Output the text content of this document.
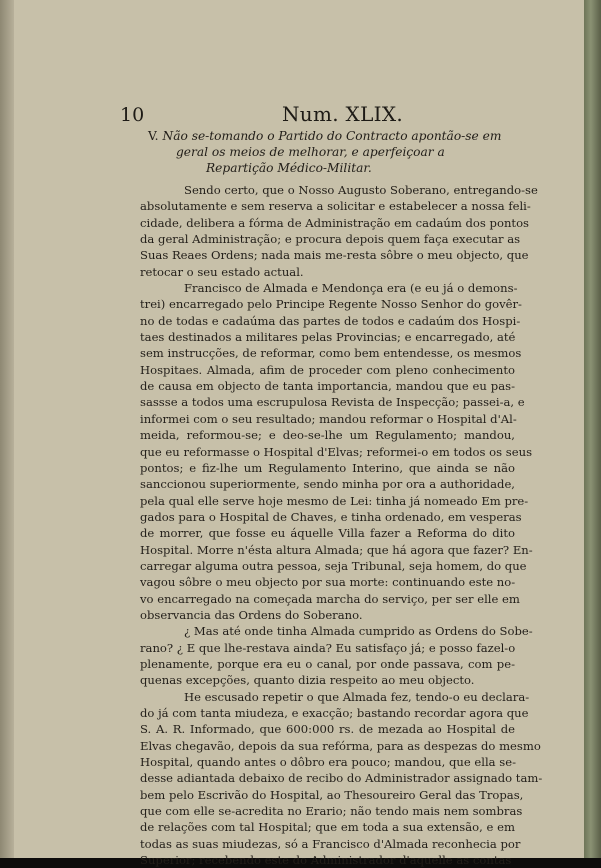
10	Num. XLIX.
V. Não se-tomando o Partido do Contracto apontão-se em
geral os meios de melhorar, e aperfeiçoar a
Repartição Médico-Militar.
Sendo certo, que o Nosso Augusto Soberano, entregando-se
absolutamente e sem reserva a solicitar e estabelecer a nossa feli-
cidade, delibera a fórma de Administração em cadaúm dos pontos
da geral Administração; e procura depois quem faça executar as
Suas Reaes Ordens; nada mais me-resta sôbre o meu objecto, que
retocar o seu estado actual.
Francisco de Almada e Mendonça era (e eu já o demons-
trei) encarregado pelo Principe Regente Nosso Senhor do govêr-
no de todas e cadaúma das partes de todos e cadaúm dos Hospi-
taes destinados a militares pelas Provincias; e encarregado, até
sem instrucções, de reformar, como bem entendesse, os mesmos
Hospitaes. Almada, afim de proceder com pleno conhecimento
de causa em objecto de tanta importancia, mandou que eu pas-
sassse a todos uma escrupulosa Revista de Inspecção; passei-a, e
informei com o seu resultado; mandou reformar o Hospital d'Al-
meida, reformou-se; e deo-se-lhe um Regulamento; mandou,
que eu reformasse o Hospital d'Elvas; reformei-o em todos os seus
pontos; e fiz-lhe um Regulamento Interino, que ainda se não
sanccionou superiormente, sendo minha por ora a authoridade,
pela qual elle serve hoje mesmo de Lei: tinha já nomeado Em pre-
gados para o Hospital de Chaves, e tinha ordenado, em vesperas
de morrer, que fosse eu áquelle Villa fazer a Reforma do dito
Hospital. Morre n'ésta altura Almada; que há agora que fazer? En-
carregar alguma outra pessoa, seja Tribunal, seja homem, do que
vagou sôbre o meu objecto por sua morte: continuando este no-
vo encarregado na começada marcha do serviço, per ser elle em
observancia das Ordens do Soberano.
¿ Mas até onde tinha Almada cumprido as Ordens do Sobe-
rano? ¿ E que lhe-restava ainda? Eu satisfaço já; e posso fazel-o
plenamente, porque era eu o canal, por onde passava, com pe-
quenas excepções, quanto dizia respeito ao meu objecto.
He escusado repetir o que Almada fez, tendo-o eu declara-
do já com tanta miudeza, e exacção; bastando recordar agora que
S. A. R. Informado, que 600:000 rs. de mezada ao Hospital de
Elvas chegavão, depois da sua refórma, para as despezas do mesmo
Hospital, quando antes o dôbro era pouco; mandou, que ella se-
desse adiantada debaixo de recibo do Administrador assignado tam-
bem pelo Escrivão do Hospital, ao Thesoureiro Geral das Tropas,
que com elle se-acredita no Erario; não tendo mais nem sombras
de relações com tal Hospital; que em toda a sua extensão, e em
todas as suas miudezas, só a Francisco d'Almada reconhecia por
Superior; recebendo este do Administrador d'aquelle as contas
